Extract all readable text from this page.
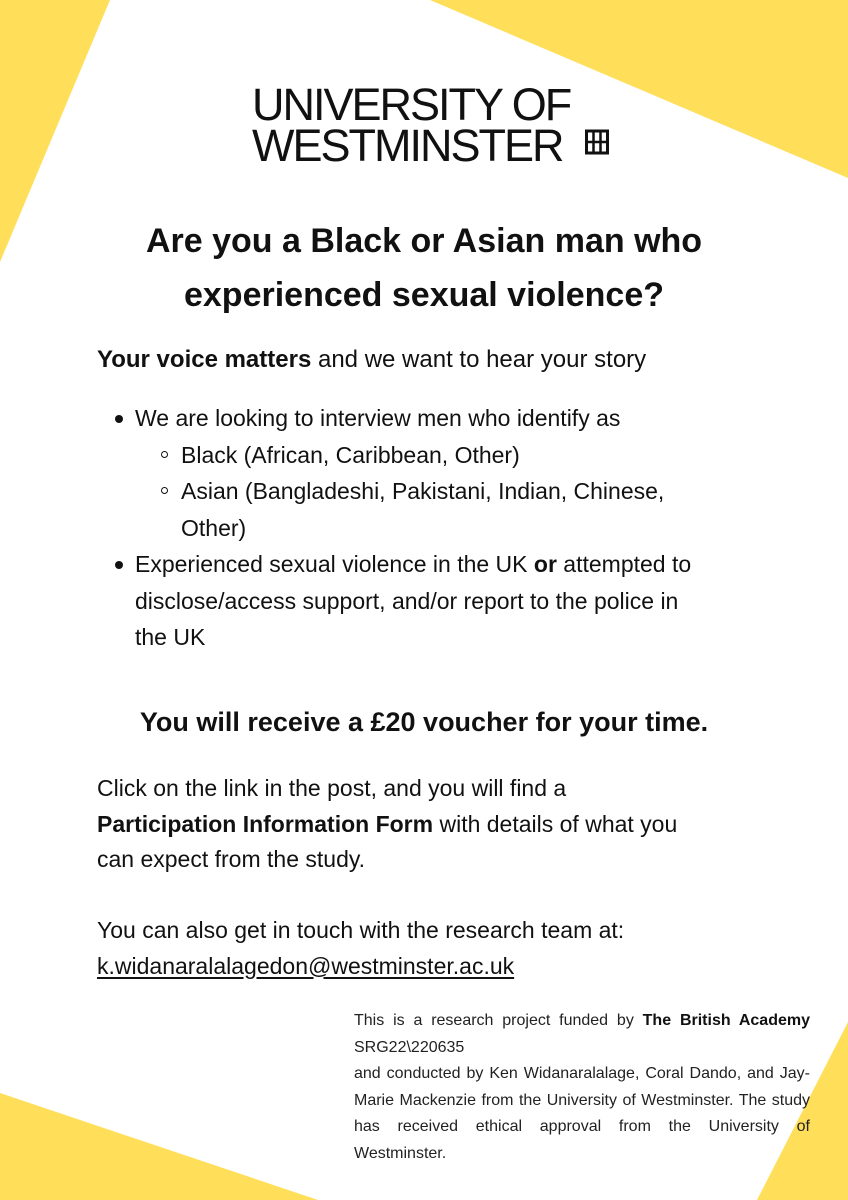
UNIVERSITY OF
WESTMINSTER
Are you a Black or Asian man who
experienced sexual violence?
Your voice matters and we want to hear your story
We are looking to interview men who identify as
Black (African, Caribbean, Other)
Asian (Bangladeshi, Pakistani, Indian, Chinese,
Other)
Experienced sexual violence in the UK or attempted to
disclose/access support, and/or report to the police in
the UK
You will receive a £20 voucher for your time.
Click on the link in the post, and you will find a
Participation Information Form with details of what you
can expect from the study.
You can also get in touch with the research team at:
k.widanaralalagedon@westminster.ac.uk
This is a research project funded by The British Academy SRG22\220635
and conducted by Ken Widanaralalage, Coral Dando, and Jay-Marie Mackenzie from the University of Westminster. The study has received ethical approval from the University of Westminster.
